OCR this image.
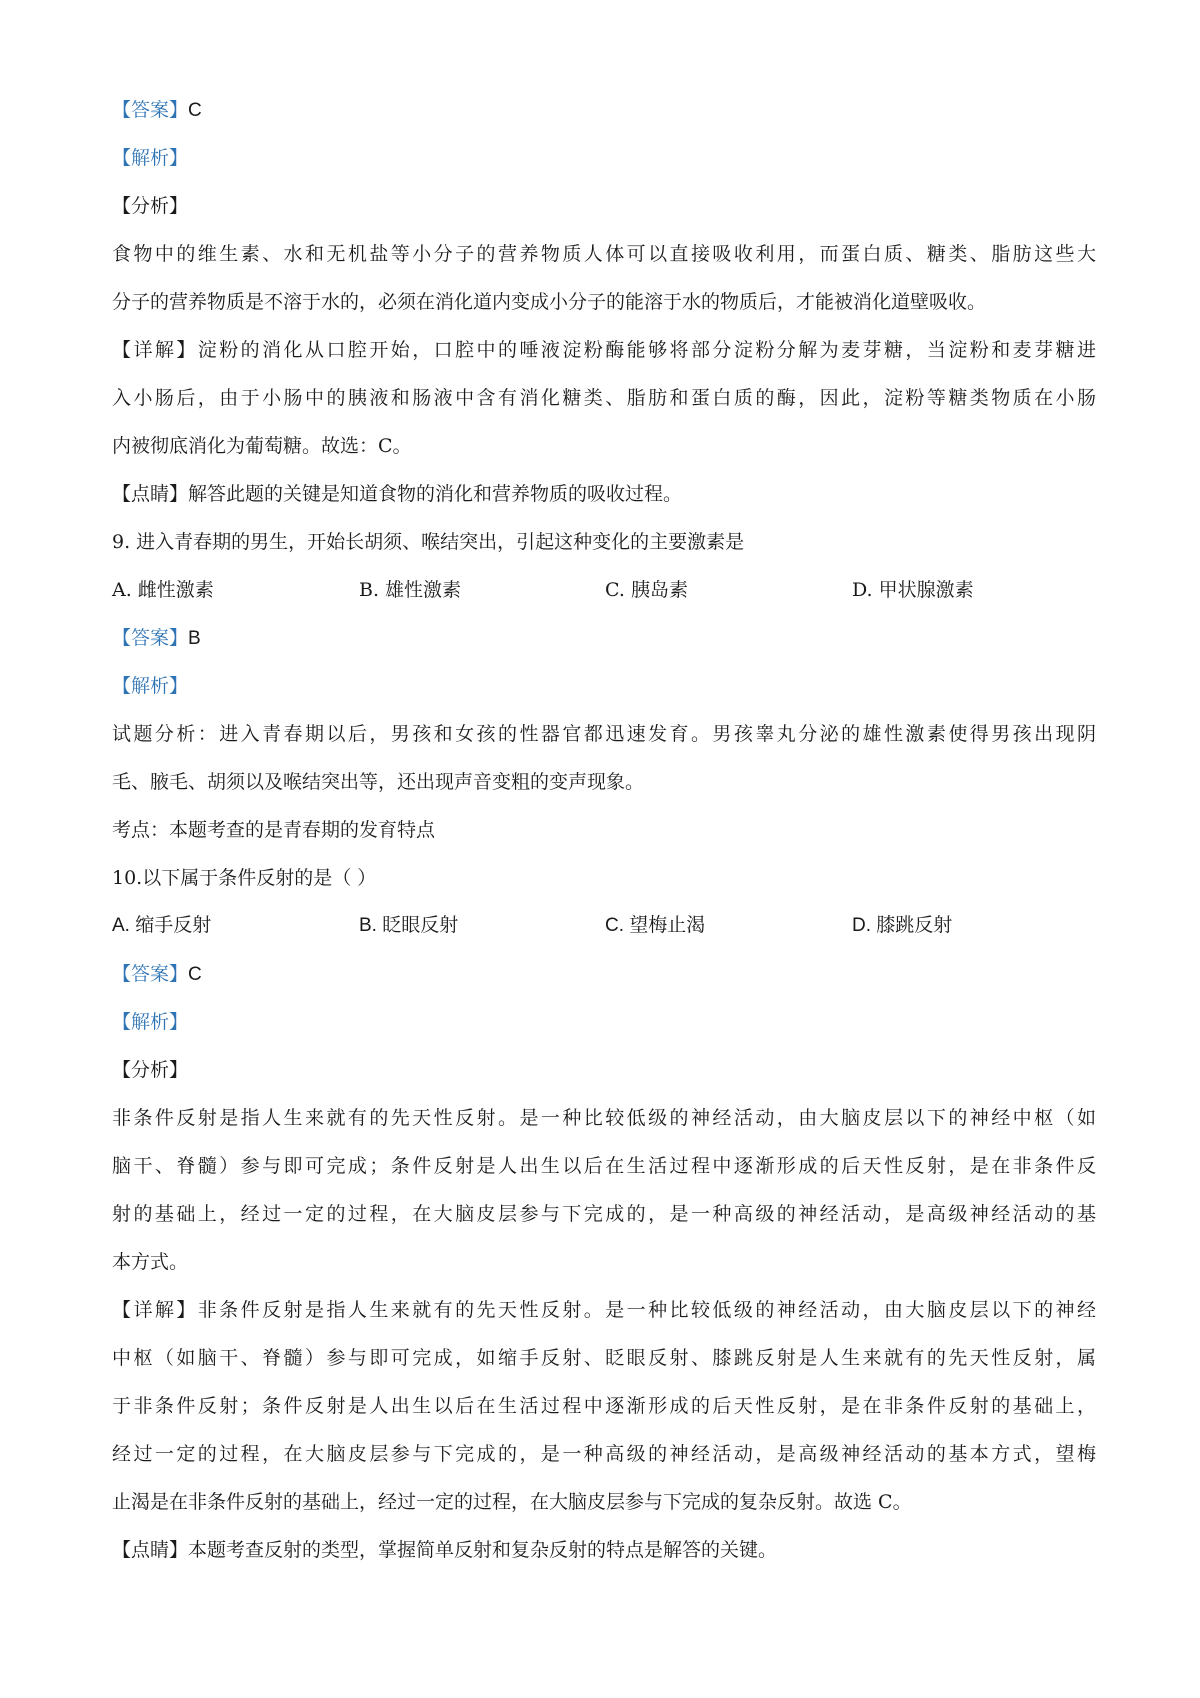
【答案】C
【解析】
【分析】
食物中的维生素、水和无机盐等小分子的营养物质人体可以直接吸收利用，而蛋白质、糖类、脂肪这些大
分子的营养物质是不溶于水的，必须在消化道内变成小分子的能溶于水的物质后，才能被消化道壁吸收。
【详解】淀粉的消化从口腔开始，口腔中的唾液淀粉酶能够将部分淀粉分解为麦芽糖，当淀粉和麦芽糖进
入小肠后，由于小肠中的胰液和肠液中含有消化糖类、脂肪和蛋白质的酶，因此，淀粉等糖类物质在小肠
内被彻底消化为葡萄糖。故选：C。
【点睛】解答此题的关键是知道食物的消化和营养物质的吸收过程。
9. 进入青春期的男生，开始长胡须、喉结突出，引起这种变化的主要激素是
A. 雌性激素	B. 雄性激素	C. 胰岛素	D. 甲状腺激素
【答案】B
【解析】
试题分析：进入青春期以后，男孩和女孩的性器官都迅速发育。男孩睾丸分泌的雄性激素使得男孩出现阴
毛、腋毛、胡须以及喉结突出等，还出现声音变粗的变声现象。
考点：本题考查的是青春期的发育特点
10.以下属于条件反射的是（ ）
A. 缩手反射	B. 眨眼反射	C. 望梅止渴	D. 膝跳反射
【答案】C
【解析】
【分析】
非条件反射是指人生来就有的先天性反射。是一种比较低级的神经活动，由大脑皮层以下的神经中枢（如
脑干、脊髓）参与即可完成；条件反射是人出生以后在生活过程中逐渐形成的后天性反射，是在非条件反
射的基础上，经过一定的过程，在大脑皮层参与下完成的，是一种高级的神经活动，是高级神经活动的基
本方式。
【详解】非条件反射是指人生来就有的先天性反射。是一种比较低级的神经活动，由大脑皮层以下的神经
中枢（如脑干、脊髓）参与即可完成，如缩手反射、眨眼反射、膝跳反射是人生来就有的先天性反射，属
于非条件反射；条件反射是人出生以后在生活过程中逐渐形成的后天性反射，是在非条件反射的基础上，
经过一定的过程，在大脑皮层参与下完成的，是一种高级的神经活动，是高级神经活动的基本方式，望梅
止渴是在非条件反射的基础上，经过一定的过程，在大脑皮层参与下完成的复杂反射。故选 C。
【点睛】本题考查反射的类型，掌握简单反射和复杂反射的特点是解答的关键。
